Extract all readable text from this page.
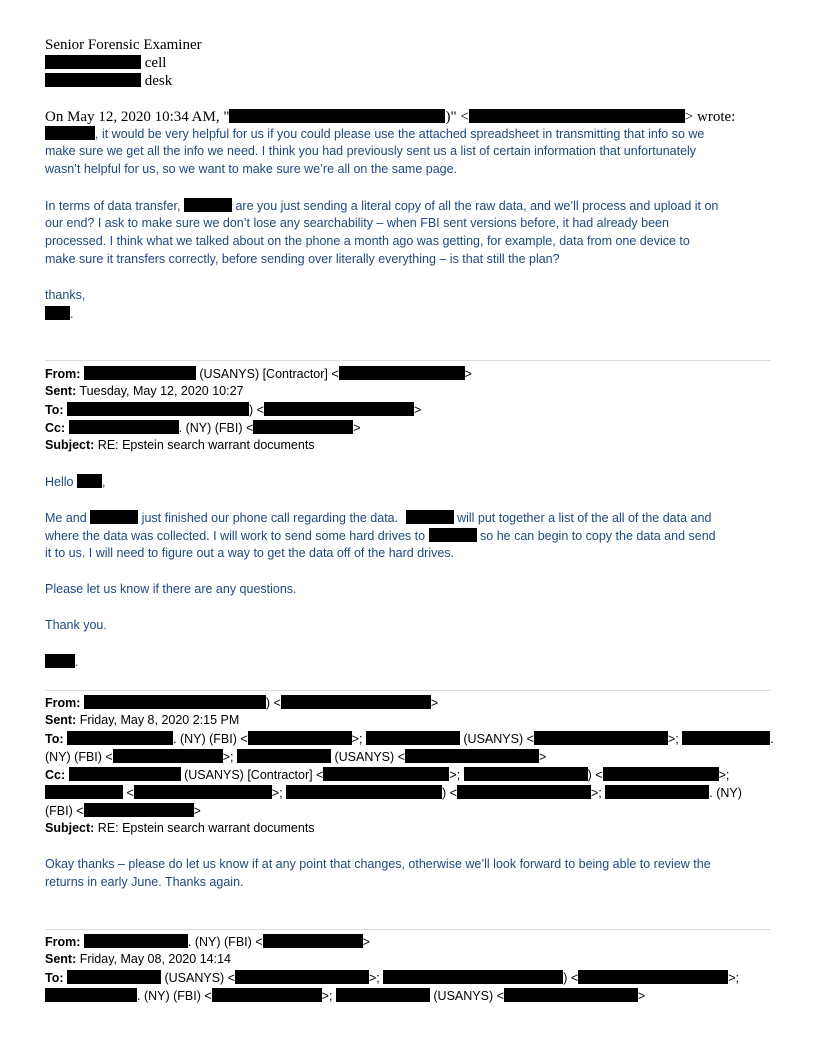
Senior Forensic Examiner
cell
desk
On May 12, 2020 10:34 AM, "	)" <	> wrote:
, it would be very helpful for us if you could please use the attached spreadsheet in transmitting that info so we
make sure we get all the info we need. I think you had previously sent us a list of certain information that unfortunately
wasn’t helpful for us, so we want to make sure we’re all on the same page.
In terms of data transfer,	are you just sending a literal copy of all the raw data, and we’ll process and upload it on
our end? I ask to make sure we don’t lose any searchability – when FBI sent versions before, it had already been
processed. I think what we talked about on the phone a month ago was getting, for example, data from one device to
make sure it transfers correctly, before sending over literally everything – is that still the plan?
thanks,
.
From:	(USANYS) [Contractor] <	>
Sent: Tuesday, May 12, 2020 10:27
To:	) <	>
Cc:	. (NY) (FBI) <	>
Subject: RE: Epstein search warrant documents
Hello ,
Me and	just finished our phone call regarding the data.	will put together a list of the all of the data and
where the data was collected. I will work to send some hard drives to	so he can begin to copy the data and send
it to us. I will need to figure out a way to get the data off of the hard drives.
Please let us know if there are any questions.
Thank you.
.
From:	) <	>
Sent: Friday, May 8, 2020 2:15 PM
To:	. (NY) (FBI) <	>;	(USANYS) <	>;	.
(NY) (FBI) <	>;	(USANYS) <	>
Cc:	(USANYS) [Contractor] <	>;	) <	>;
<	>;	) <	>;	. (NY)
(FBI) <	>
Subject: RE: Epstein search warrant documents
Okay thanks – please do let us know if at any point that changes, otherwise we’ll look forward to being able to review the
returns in early June. Thanks again.
From:	. (NY) (FBI) <	>
Sent: Friday, May 08, 2020 14:14
To:	(USANYS) <	>;	) <	>;
. (NY) (FBI) <	>;	(USANYS) <	>
